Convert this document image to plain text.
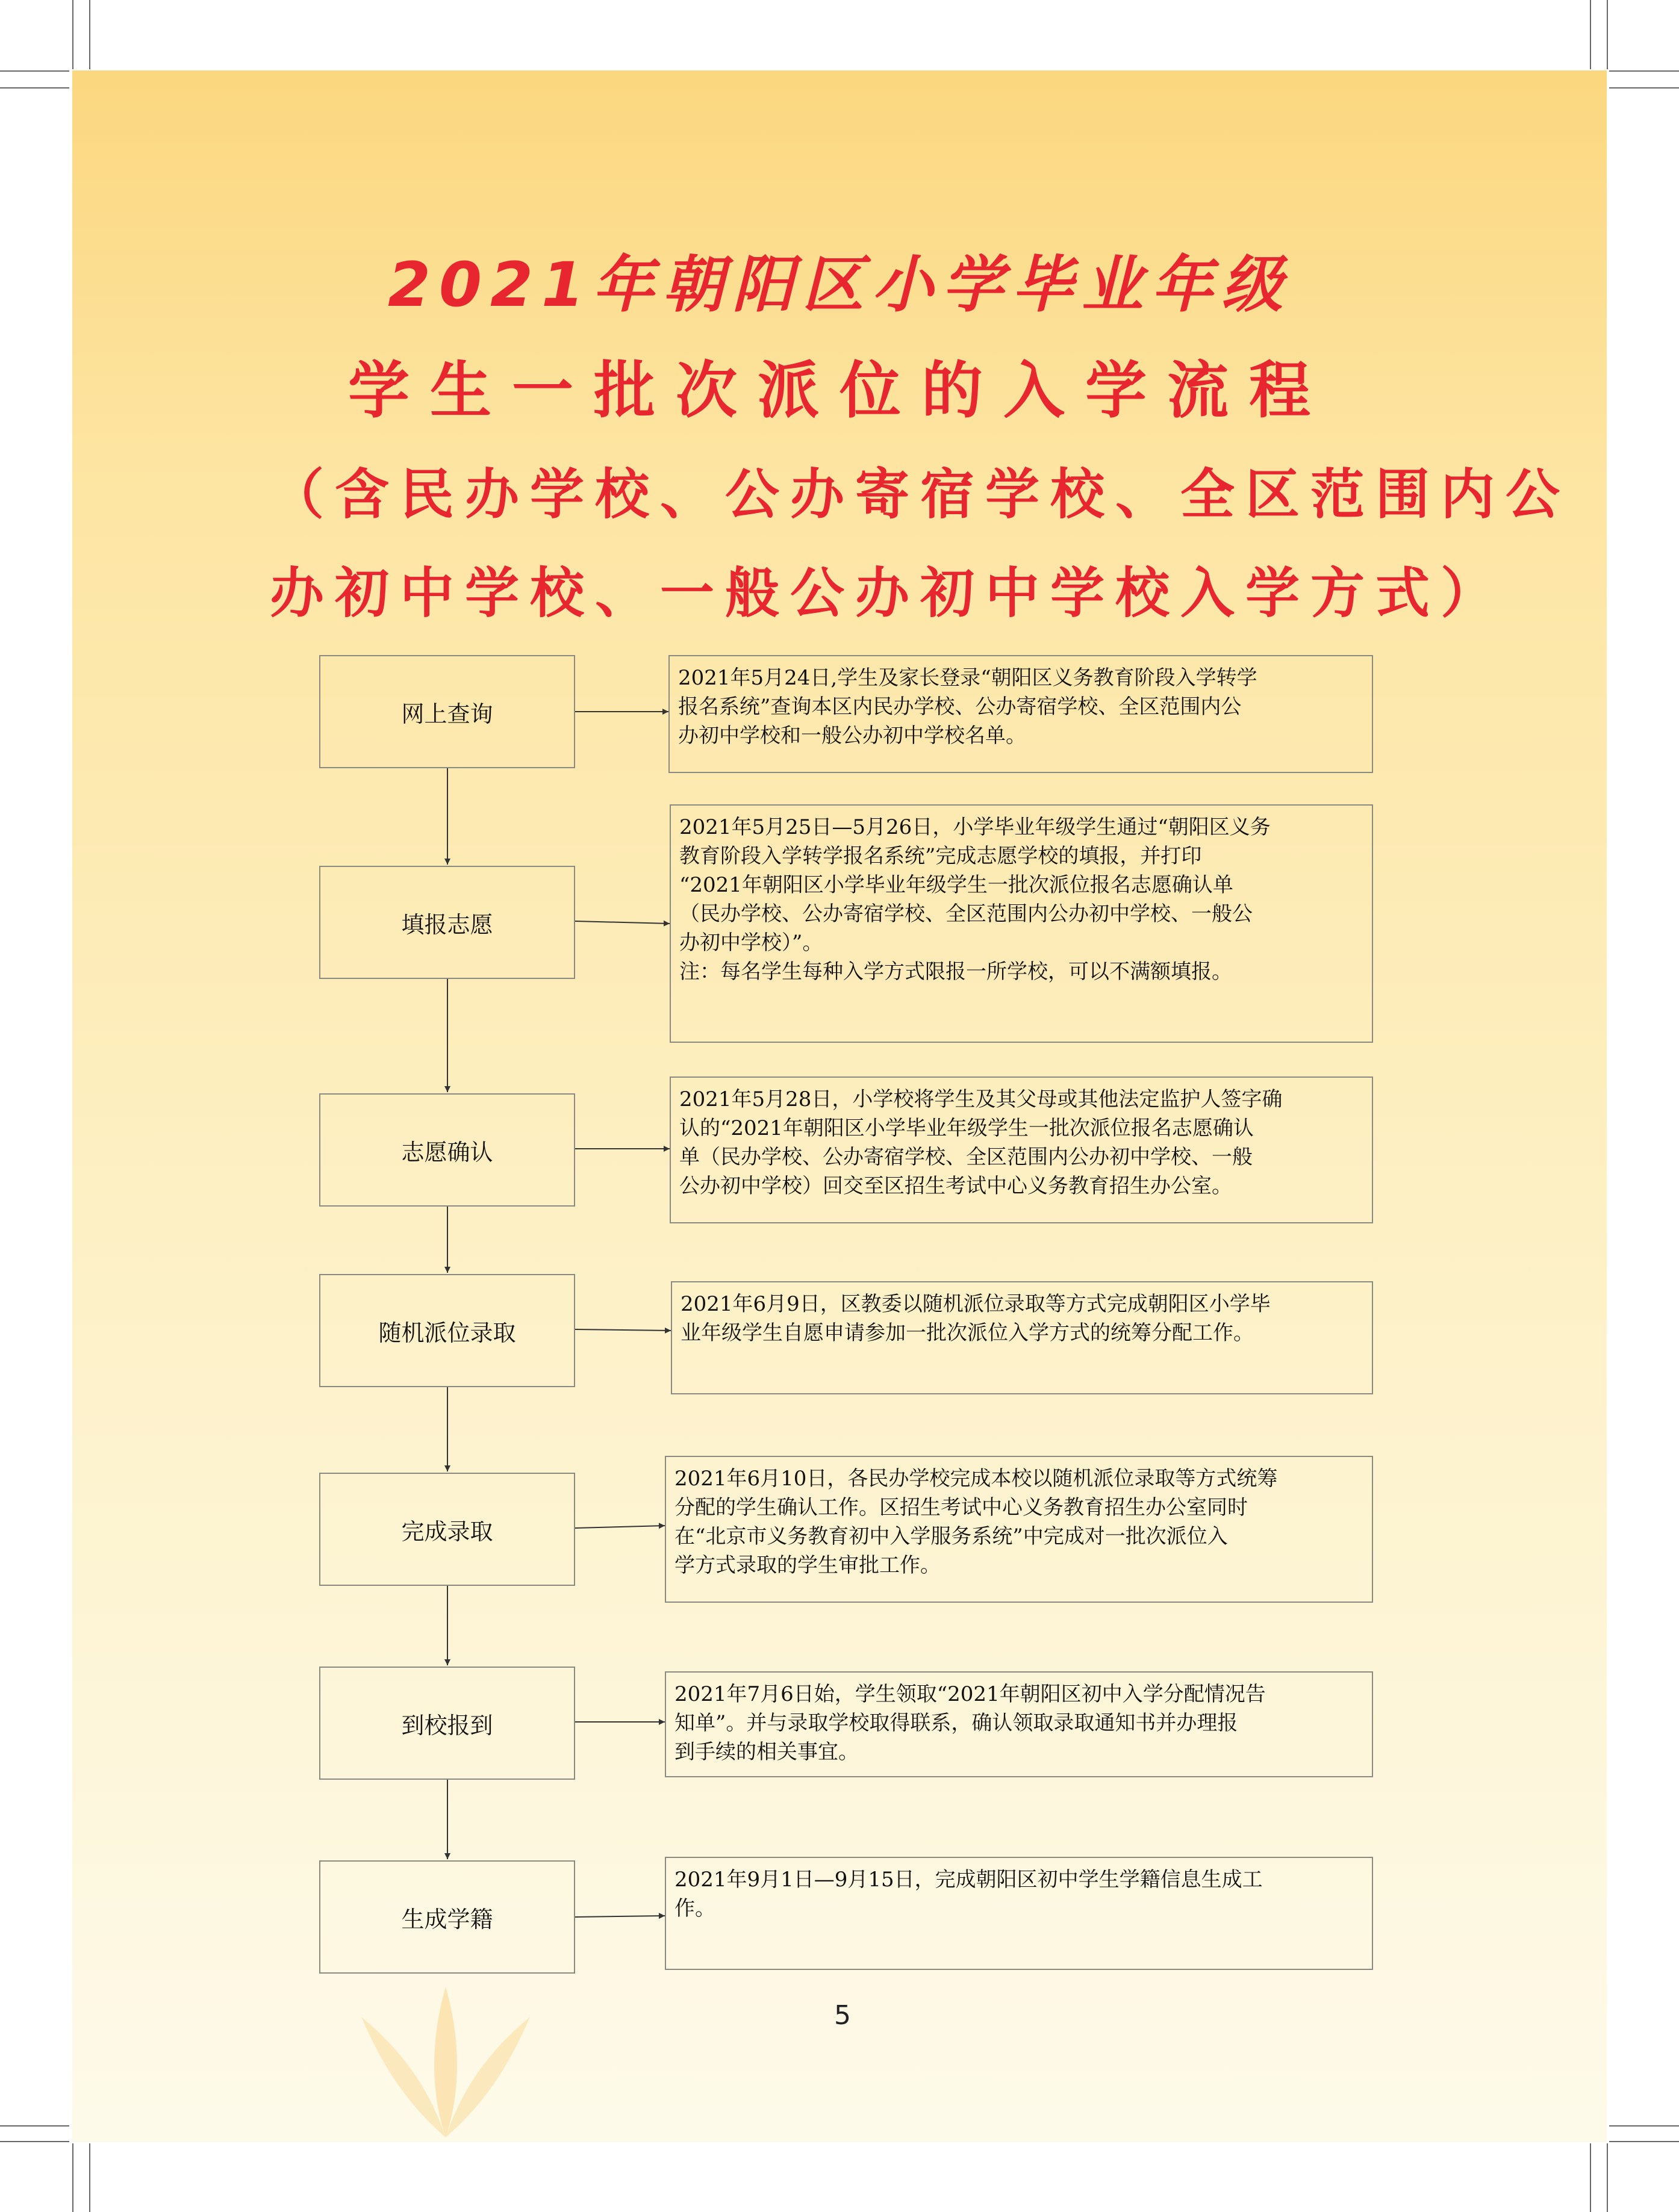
2021年朝阳区小学毕业年级
学生一批次派位的入学流程
（含民办学校、公办寄宿学校、全区范围内公
办初中学校、一般公办初中学校入学方式）
网上查询
2021年5月24日,学生及家长登录“朝阳区义务教育阶段入学转学
报名系统”查询本区内民办学校、公办寄宿学校、全区范围内公
办初中学校和一般公办初中学校名单。
填报志愿
2021年5月25日—5月26日，小学毕业年级学生通过“朝阳区义务
教育阶段入学转学报名系统”完成志愿学校的填报，并打印
“2021年朝阳区小学毕业年级学生一批次派位报名志愿确认单
（民办学校、公办寄宿学校、全区范围内公办初中学校、一般公
办初中学校）”。
注：每名学生每种入学方式限报一所学校，可以不满额填报。
志愿确认
2021年5月28日，小学校将学生及其父母或其他法定监护人签字确
认的“2021年朝阳区小学毕业年级学生一批次派位报名志愿确认
单（民办学校、公办寄宿学校、全区范围内公办初中学校、一般
公办初中学校）回交至区招生考试中心义务教育招生办公室。
随机派位录取
2021年6月9日，区教委以随机派位录取等方式完成朝阳区小学毕
业年级学生自愿申请参加一批次派位入学方式的统筹分配工作。
完成录取
2021年6月10日，各民办学校完成本校以随机派位录取等方式统筹
分配的学生确认工作。区招生考试中心义务教育招生办公室同时
在“北京市义务教育初中入学服务系统”中完成对一批次派位入
学方式录取的学生审批工作。
到校报到
2021年7月6日始，学生领取“2021年朝阳区初中入学分配情况告
知单”。并与录取学校取得联系，确认领取录取通知书并办理报
到手续的相关事宜。
生成学籍
2021年9月1日—9月15日，完成朝阳区初中学生学籍信息生成工
作。
5
